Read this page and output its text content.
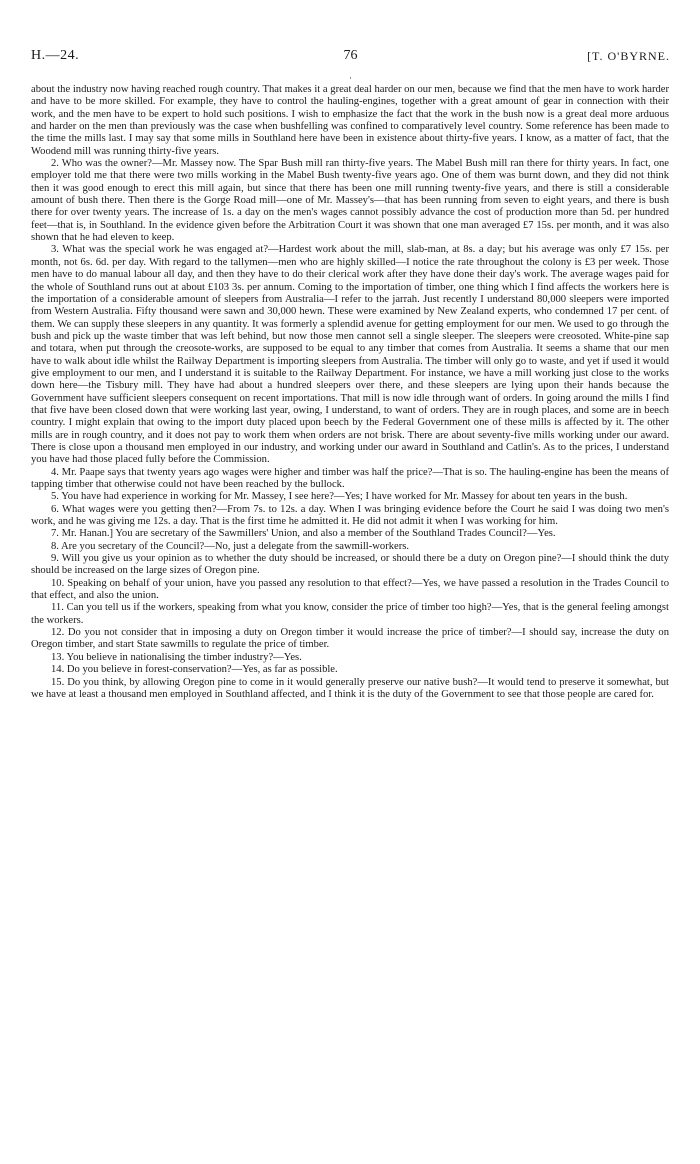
H.—24.	76	[T. O'BYRNE.
·

about the industry now having reached rough country. That makes it a great deal harder on our men, because we find that the men have to work harder and have to be more skilled. For example, they have to control the hauling-engines, together with a great amount of gear in connection with their work, and the men have to be expert to hold such positions. I wish to emphasize the fact that the work in the bush now is a great deal more arduous and harder on the men than previously was the case when bushfelling was confined to comparatively level country. Some reference has been made to the time the mills last. I may say that some mills in Southland here have been in existence about thirty-five years. I know, as a matter of fact, that the Woodend mill was running thirty-five years.

2. Who was the owner?—Mr. Massey now. The Spar Bush mill ran thirty-five years. The Mabel Bush mill ran there for thirty years. In fact, one employer told me that there were two mills working in the Mabel Bush twenty-five years ago. One of them was burnt down, and they did not think then it was good enough to erect this mill again, but since that there has been one mill running twenty-five years, and there is still a considerable amount of bush there. Then there is the Gorge Road mill—one of Mr. Massey's—that has been running from seven to eight years, and there is bush there for over twenty years. The increase of 1s. a day on the men's wages cannot possibly advance the cost of production more than 5d. per hundred feet—that is, in Southland. In the evidence given before the Arbitration Court it was shown that one man averaged £7 15s. per month, and it was also shown that he had eleven to keep.

3. What was the special work he was engaged at?—Hardest work about the mill, slab-man, at 8s. a day; but his average was only £7 15s. per month, not 6s. 6d. per day. With regard to the tallymen—men who are highly skilled—I notice the rate throughout the colony is £3 per week. Those men have to do manual labour all day, and then they have to do their clerical work after they have done their day's work. The average wages paid for the whole of Southland runs out at about £103 3s. per annum. Coming to the importation of timber, one thing which I find affects the workers here is the importation of a considerable amount of sleepers from Australia—I refer to the jarrah. Just recently I understand 80,000 sleepers were imported from Western Australia. Fifty thousand were sawn and 30,000 hewn. These were examined by New Zealand experts, who condemned 17 per cent. of them. We can supply these sleepers in any quantity. It was formerly a splendid avenue for getting employment for our men. We used to go through the bush and pick up the waste timber that was left behind, but now those men cannot sell a single sleeper. The sleepers were creosoted. White-pine sap and totara, when put through the creosote-works, are supposed to be equal to any timber that comes from Australia. It seems a shame that our men have to walk about idle whilst the Railway Department is importing sleepers from Australia. The timber will only go to waste, and yet if used it would give employment to our men, and I understand it is suitable to the Railway Department. For instance, we have a mill working just close to the works down here—the Tisbury mill. They have had about a hundred sleepers over there, and these sleepers are lying upon their hands because the Government have sufficient sleepers consequent on recent importations. That mill is now idle through want of orders. In going around the mills I find that five have been closed down that were working last year, owing, I understand, to want of orders. They are in rough places, and some are in beech country. I might explain that owing to the import duty placed upon beech by the Federal Government one of these mills is affected by it. The other mills are in rough country, and it does not pay to work them when orders are not brisk. There are about seventy-five mills working under our award. There is close upon a thousand men employed in our industry, and working under our award in Southland and Catlin's. As to the prices, I understand you have had those placed fully before the Commission.

4. Mr. Paape says that twenty years ago wages were higher and timber was half the price?—That is so. The hauling-engine has been the means of tapping timber that otherwise could not have been reached by the bullock.

5. You have had experience in working for Mr. Massey, I see here?—Yes; I have worked for Mr. Massey for about ten years in the bush.

6. What wages were you getting then?—From 7s. to 12s. a day. When I was bringing evidence before the Court he said I was doing two men's work, and he was giving me 12s. a day. That is the first time he admitted it. He did not admit it when I was working for him.

7. Mr. Hanan.] You are secretary of the Sawmillers' Union, and also a member of the Southland Trades Council?—Yes.

8. Are you secretary of the Council?—No, just a delegate from the sawmill-workers.

9. Will you give us your opinion as to whether the duty should be increased, or should there be a duty on Oregon pine?—I should think the duty should be increased on the large sizes of Oregon pine.

10. Speaking on behalf of your union, have you passed any resolution to that effect?—Yes, we have passed a resolution in the Trades Council to that effect, and also the union.

11. Can you tell us if the workers, speaking from what you know, consider the price of timber too high?—Yes, that is the general feeling amongst the workers.

12. Do you not consider that in imposing a duty on Oregon timber it would increase the price of timber?—I should say, increase the duty on Oregon timber, and start State sawmills to regulate the price of timber.

13. You believe in nationalising the timber industry?—Yes.

14. Do you believe in forest-conservation?—Yes, as far as possible.

15. Do you think, by allowing Oregon pine to come in it would generally preserve our native bush?—It would tend to preserve it somewhat, but we have at least a thousand men employed in Southland affected, and I think it is the duty of the Government to see that those people are cared for.
